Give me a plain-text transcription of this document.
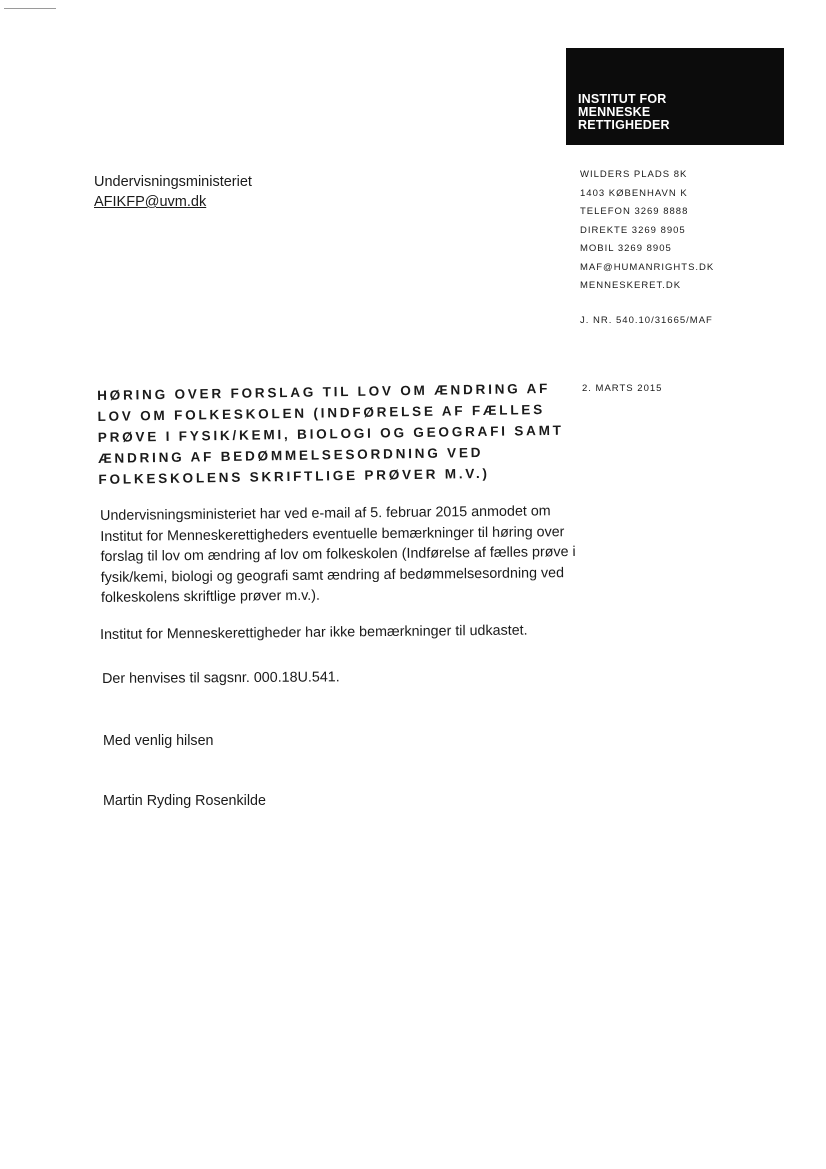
INSTITUT FOR
MENNESKE
RETTIGHEDER
Undervisningsministeriet
AFIKFP@uvm.dk
WILDERS PLADS 8K
1403 KØBENHAVN K
TELEFON 3269 8888
DIREKTE 3269 8905
MOBIL 3269 8905
MAF@HUMANRIGHTS.DK
MENNESKERET.DK
J. NR. 540.10/31665/MAF
2. MARTS 2015
HØRING OVER FORSLAG TIL LOV OM ÆNDRING AF LOV OM FOLKESKOLEN (INDFØRELSE AF FÆLLES PRØVE I FYSIK/KEMI, BIOLOGI OG GEOGRAFI SAMT ÆNDRING AF BEDØMMELSESORDNING VED FOLKESKOLENS SKRIFTLIGE PRØVER M.V.)

Undervisningsministeriet har ved e-mail af 5. februar 2015 anmodet om Institut for Menneskerettigheders eventuelle bemærkninger til høring over forslag til lov om ændring af lov om folkeskolen (Indførelse af fælles prøve i fysik/kemi, biologi og geografi samt ændring af bedømmelsesordning ved folkeskolens skriftlige prøver m.v.).

Institut for Menneskerettigheder har ikke bemærkninger til udkastet.
Der henvises til sagsnr. 000.18U.541.
Med venlig hilsen
Martin Ryding Rosenkilde
